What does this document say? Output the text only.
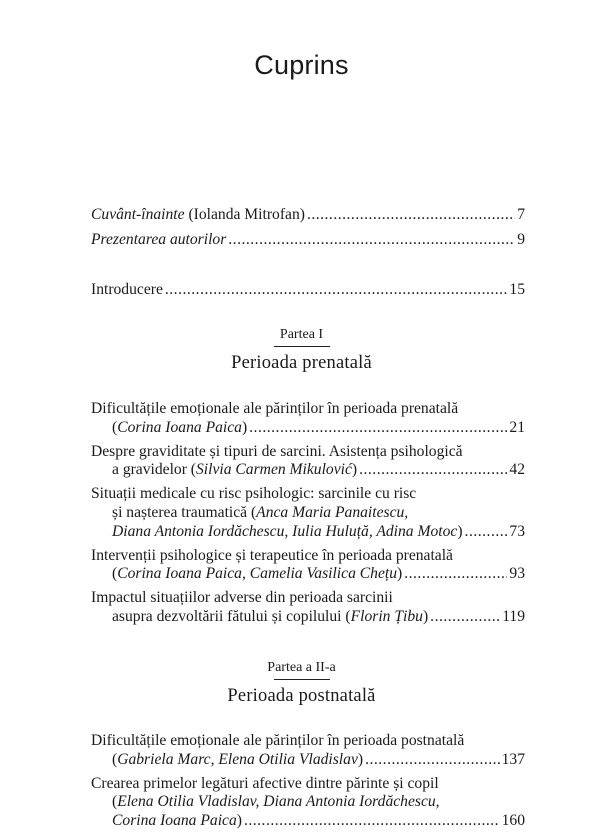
Cuprins
Cuvânt-înainte (Iolanda Mitrofan) .....	7
Prezentarea autorilor .....	9
Introducere .....	15
Partea I
Perioada prenatală
Dificultățile emoționale ale părinților în perioada prenatală
(Corina Ioana Paica) .....	21
Despre graviditate și tipuri de sarcini. Asistența psihologică
a gravidelor (Silvia Carmen Mikulović) .....	42
Situații medicale cu risc psihologic: sarcinile cu risc
și nașterea traumatică (Anca Maria Panaitescu,
Diana Antonia Iordăchescu, Iulia Huluță, Adina Motoc) .....	73
Intervenții psihologice și terapeutice în perioada prenatală
(Corina Ioana Paica, Camelia Vasilica Chețu) .....	93
Impactul situațiilor adverse din perioada sarcinii
asupra dezvoltării fătului și copilului (Florin Țibu) .....	119
Partea a II-a
Perioada postnatală
Dificultățile emoționale ale părinților în perioada postnatală
(Gabriela Marc, Elena Otilia Vladislav) .....	137
Crearea primelor legături afective dintre părinte și copil
(Elena Otilia Vladislav, Diana Antonia Iordăchescu,
Corina Ioana Paica) .....	160
